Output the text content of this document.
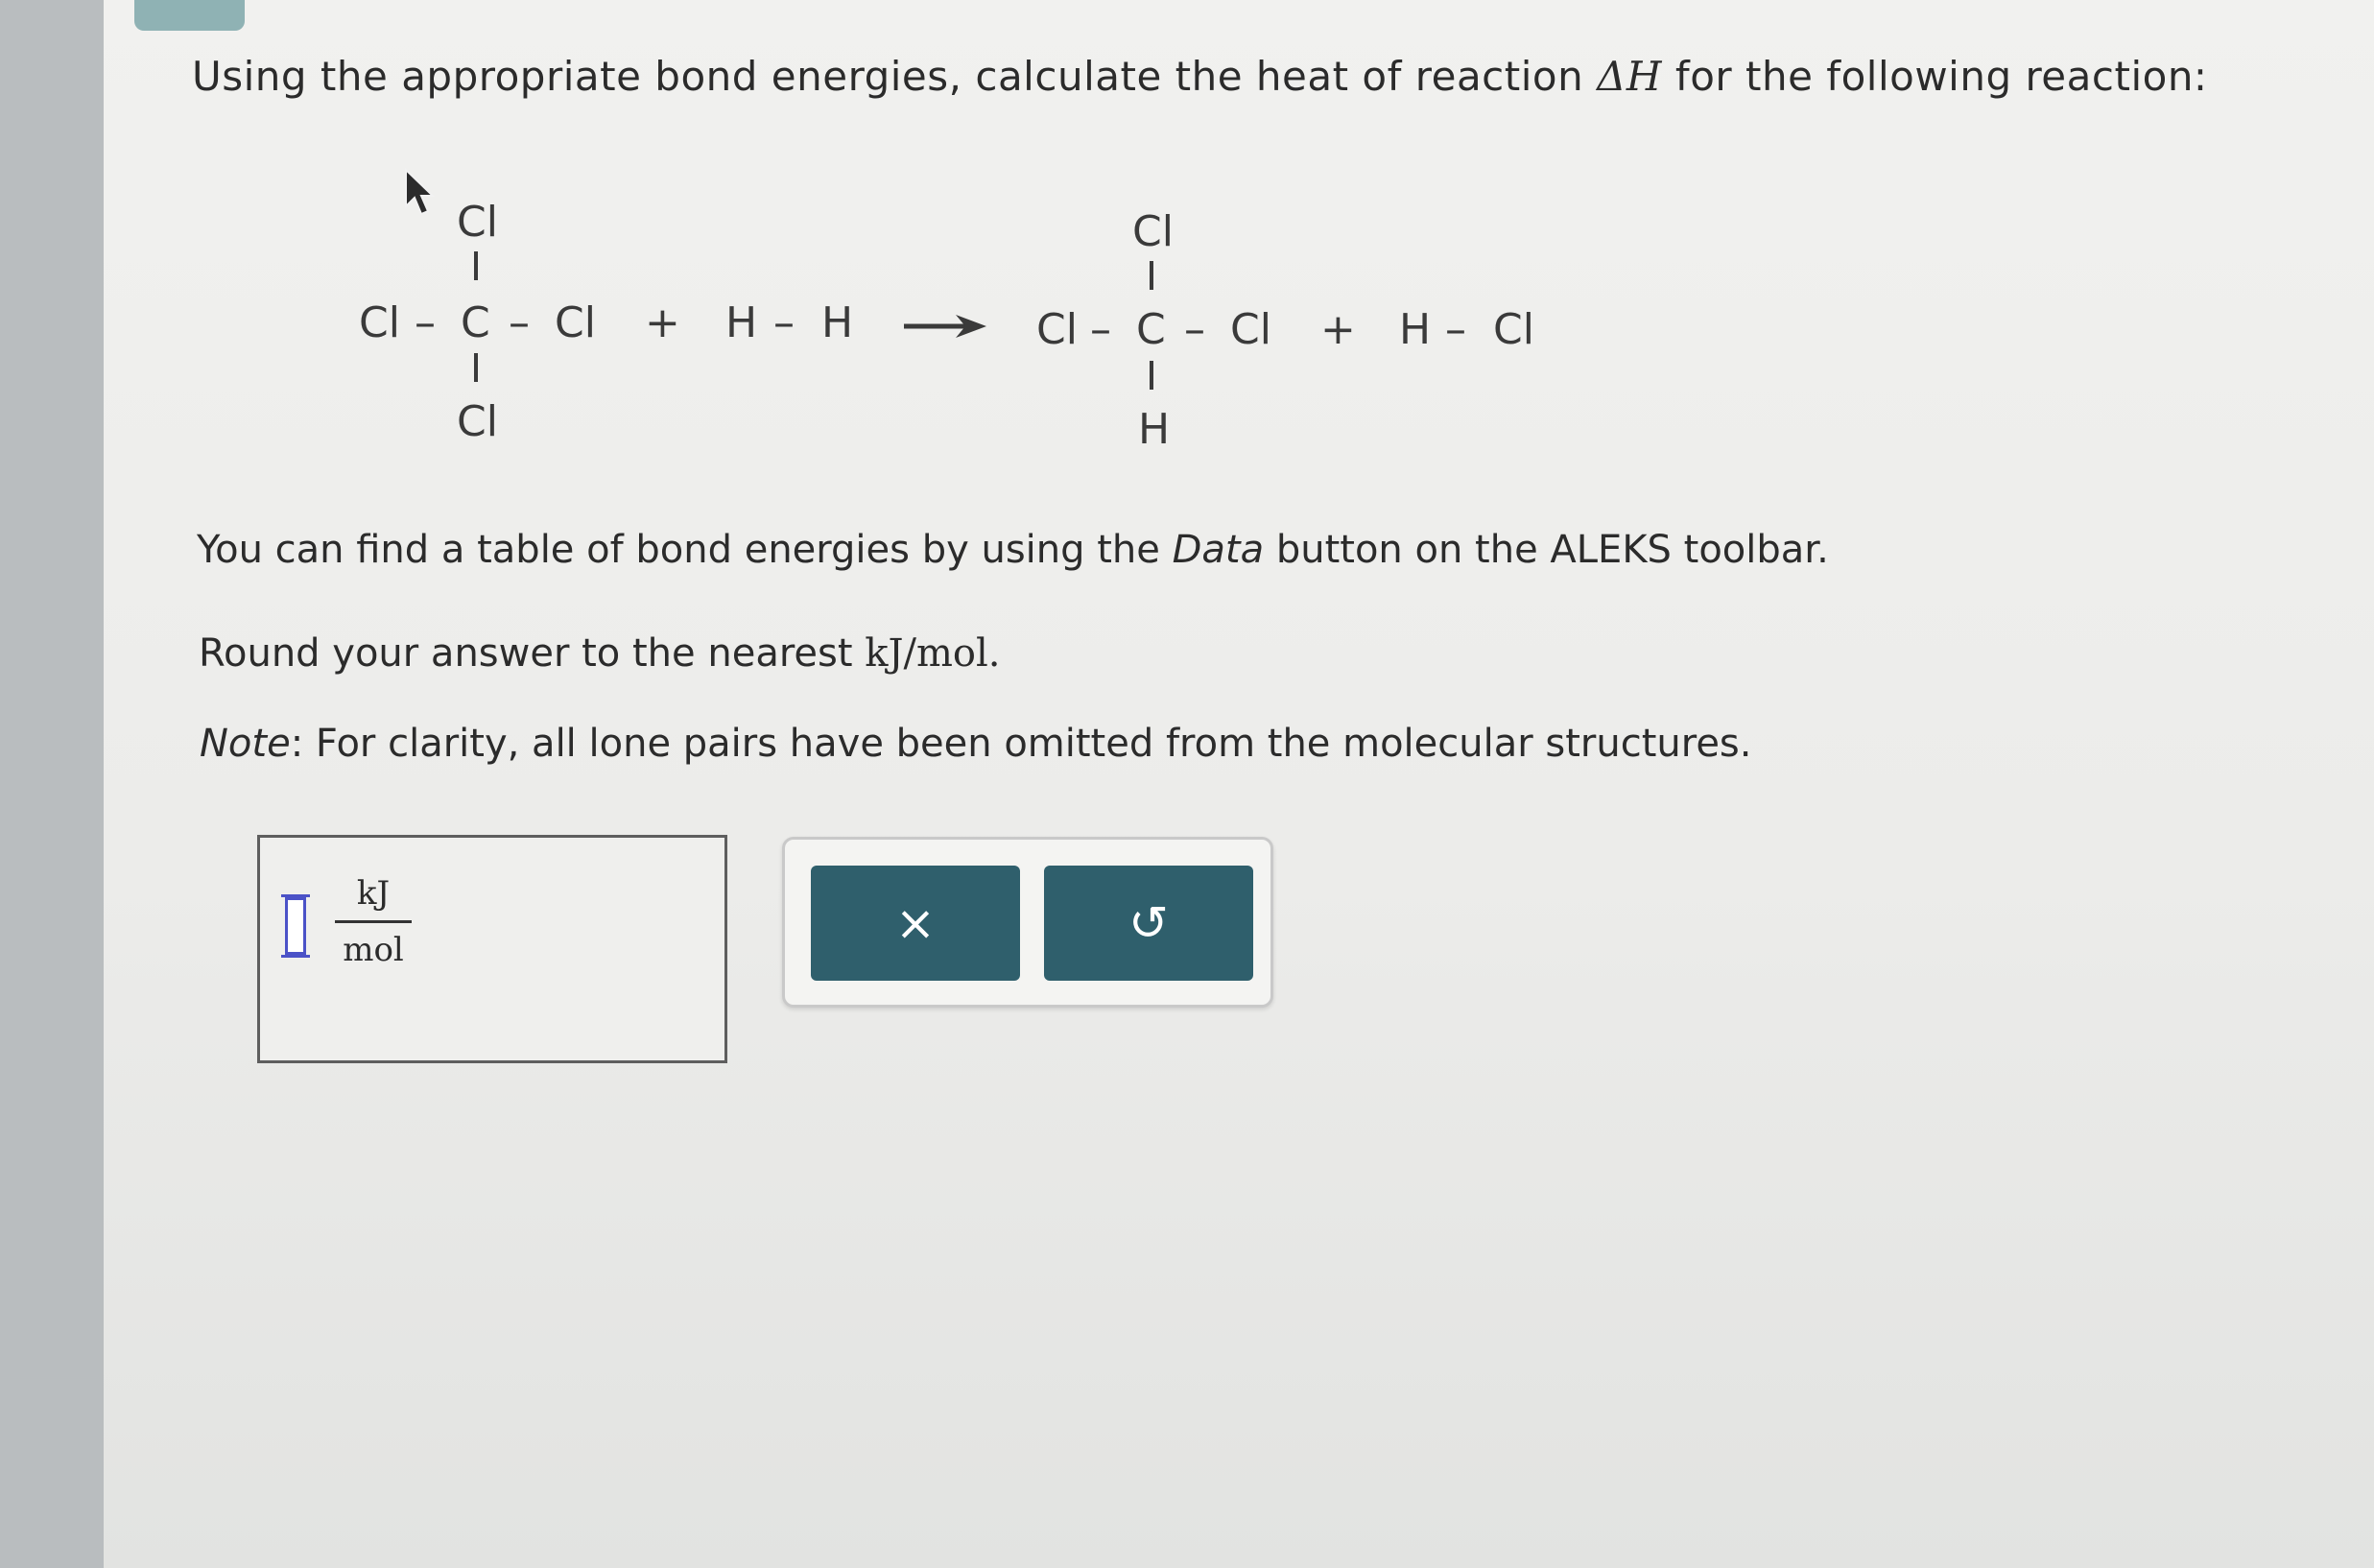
Using the appropriate bond energies, calculate the heat of reaction ΔH for the following reaction:
Cl
Cl – C – Cl
Cl
+ H – H
Cl
Cl – C – Cl
H
+ H – Cl
You can find a table of bond energies by using the Data button on the ALEKS toolbar.
Round your answer to the nearest kJ/mol.
Note: For clarity, all lone pairs have been omitted from the molecular structures.
kJ
mol	×	↺
